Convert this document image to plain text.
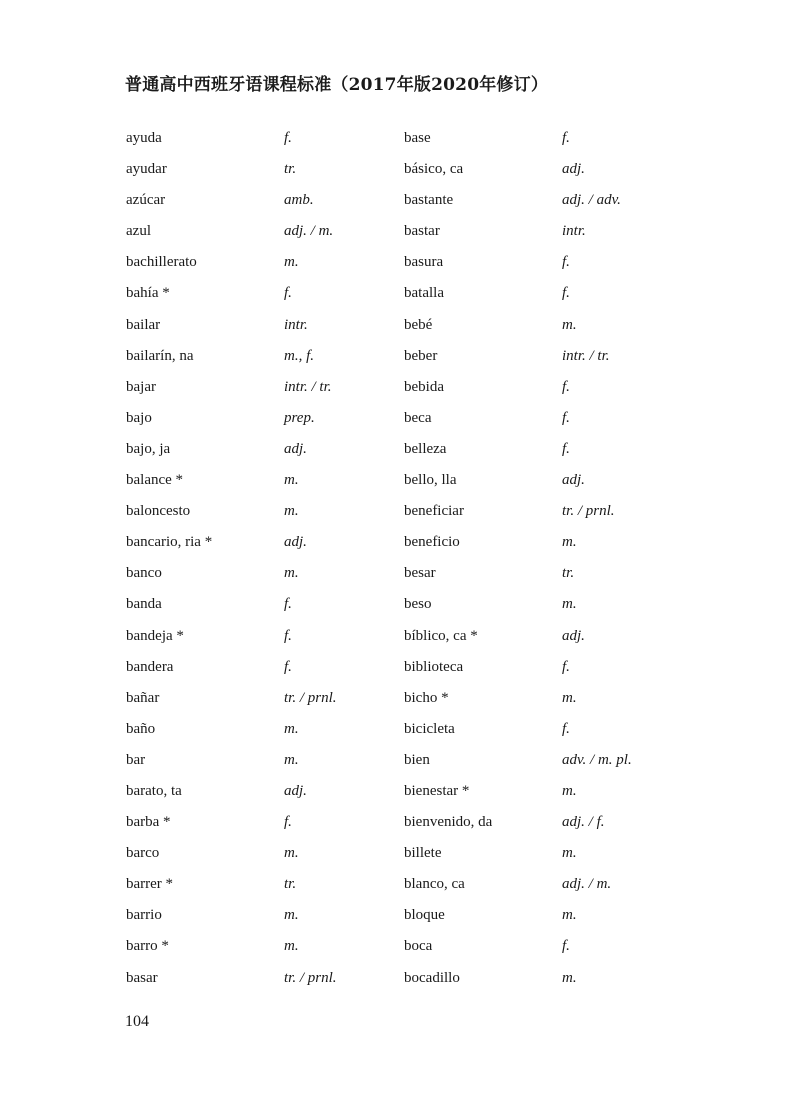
普通高中西班牙语课程标准（2017年版2020年修订）
ayuda	f.	base	f.
ayudar	tr.	básico, ca	adj.
azúcar	amb.	bastante	adj. / adv.
azul	adj. / m.	bastar	intr.
bachillerato	m.	basura	f.
bahía *	f.	batalla	f.
bailar	intr.	bebé	m.
bailarín, na	m., f.	beber	intr. / tr.
bajar	intr. / tr.	bebida	f.
bajo	prep.	beca	f.
bajo, ja	adj.	belleza	f.
balance *	m.	bello, lla	adj.
baloncesto	m.	beneficiar	tr. / prnl.
bancario, ria *	adj.	beneficio	m.
banco	m.	besar	tr.
banda	f.	beso	m.
bandeja *	f.	bíblico, ca *	adj.
bandera	f.	biblioteca	f.
bañar	tr. / prnl.	bicho *	m.
baño	m.	bicicleta	f.
bar	m.	bien	adv. / m. pl.
barato, ta	adj.	bienestar *	m.
barba *	f.	bienvenido, da	adj. / f.
barco	m.	billete	m.
barrer *	tr.	blanco, ca	adj. / m.
barrio	m.	bloque	m.
barro *	m.	boca	f.
basar	tr. / prnl.	bocadillo	m.
104
